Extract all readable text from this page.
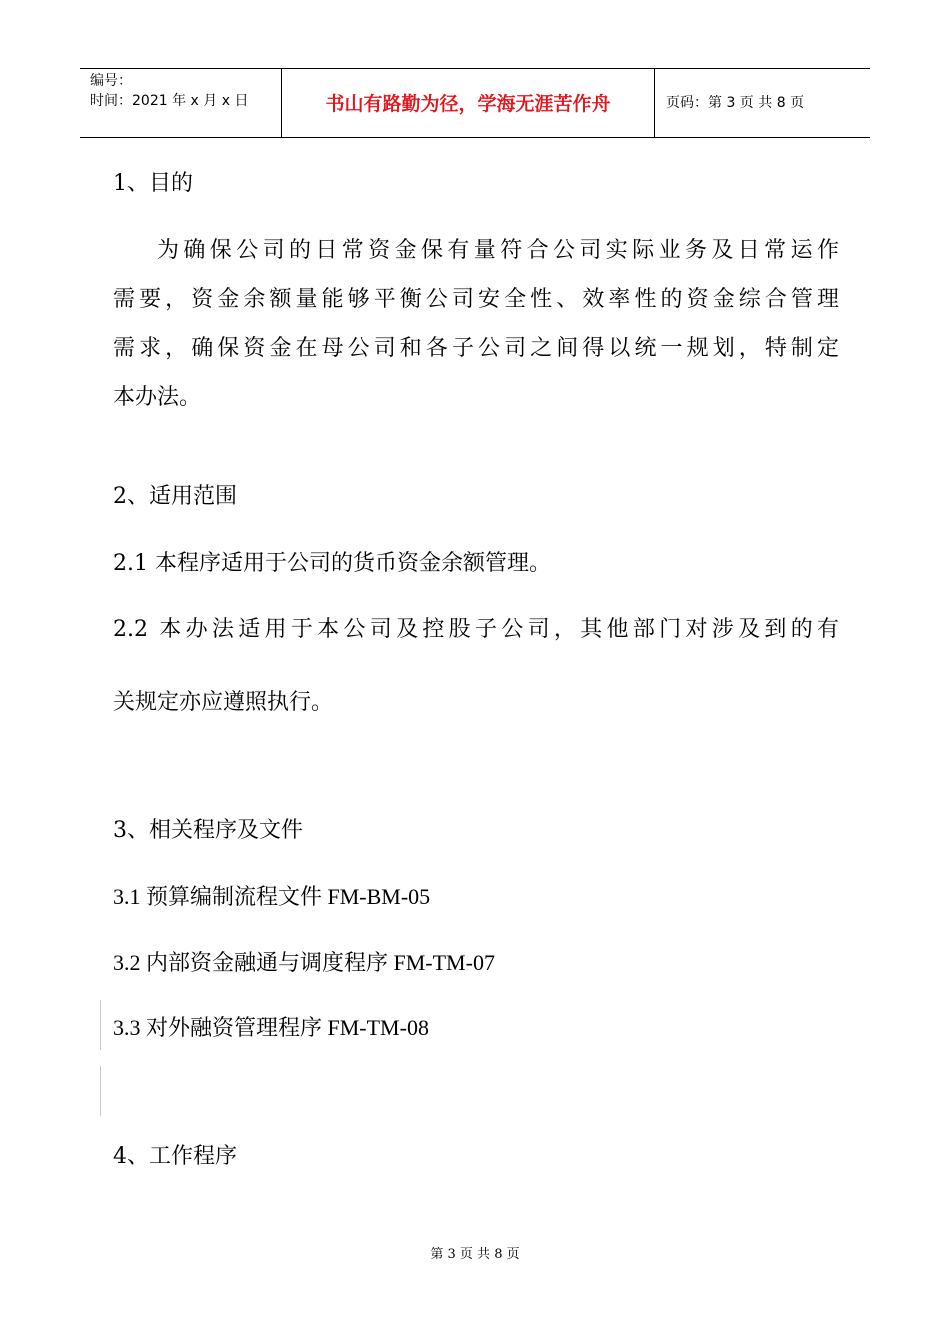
编号：
时间：2021 年 x 月 x 日	书山有路勤为径，学海无涯苦作舟	页码：第 3 页 共 8 页
1、目的
为确保公司的日常资金保有量符合公司实际业务及日常运作
需要，资金余额量能够平衡公司安全性、效率性的资金综合管理
需求，确保资金在母公司和各子公司之间得以统一规划，特制定
本办法。
2、适用范围
2.1 本程序适用于公司的货币资金余额管理。
2.2 本办法适用于本公司及控股子公司，其他部门对涉及到的有
关规定亦应遵照执行。
3、相关程序及文件
3.1 预算编制流程文件 FM-BM-05
3.2 内部资金融通与调度程序 FM-TM-07
3.3 对外融资管理程序 FM-TM-08
4、工作程序
第 3 页 共 8 页
